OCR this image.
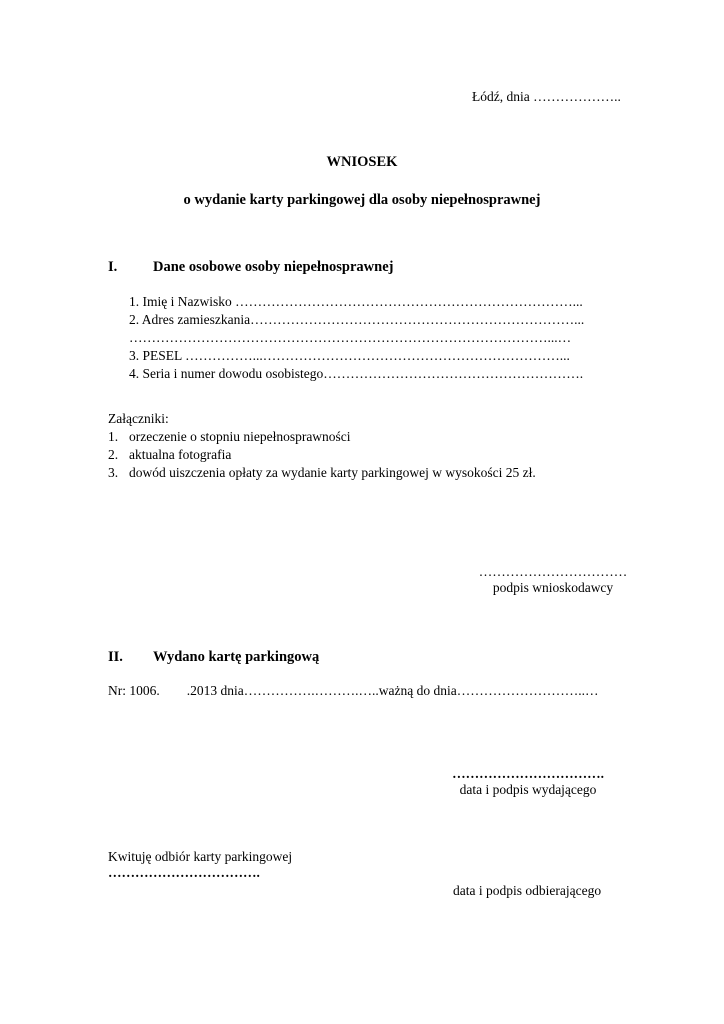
Łódź, dnia ………………..
WNIOSEK
o wydanie karty parkingowej dla osoby niepełnosprawnej
I. Dane osobowe osoby niepełnosprawnej
1. Imię i Nazwisko …………………………………………………………………...
2. Adres zamieszkania………………………………………………………………...
…………………………………………………………………………………...…
3. PESEL ……………...…………………………………………………………...
4. Seria i numer dowodu osobistego………………………………………………….
Załączniki:
1. orzeczenie o stopniu niepełnosprawności
2. aktualna fotografia
3. dowód uiszczenia opłaty za wydanie karty parkingowej w wysokości 25 zł.
……………………………
podpis wnioskodawcy
II. Wydano kartę parkingową
Nr: 1006.        .2013 dnia…………….……….…..ważną do dnia………………………..…
…………………………….
data i podpis wydającego
Kwituję odbiór karty parkingowej
…………………………….
data i podpis odbierającego
